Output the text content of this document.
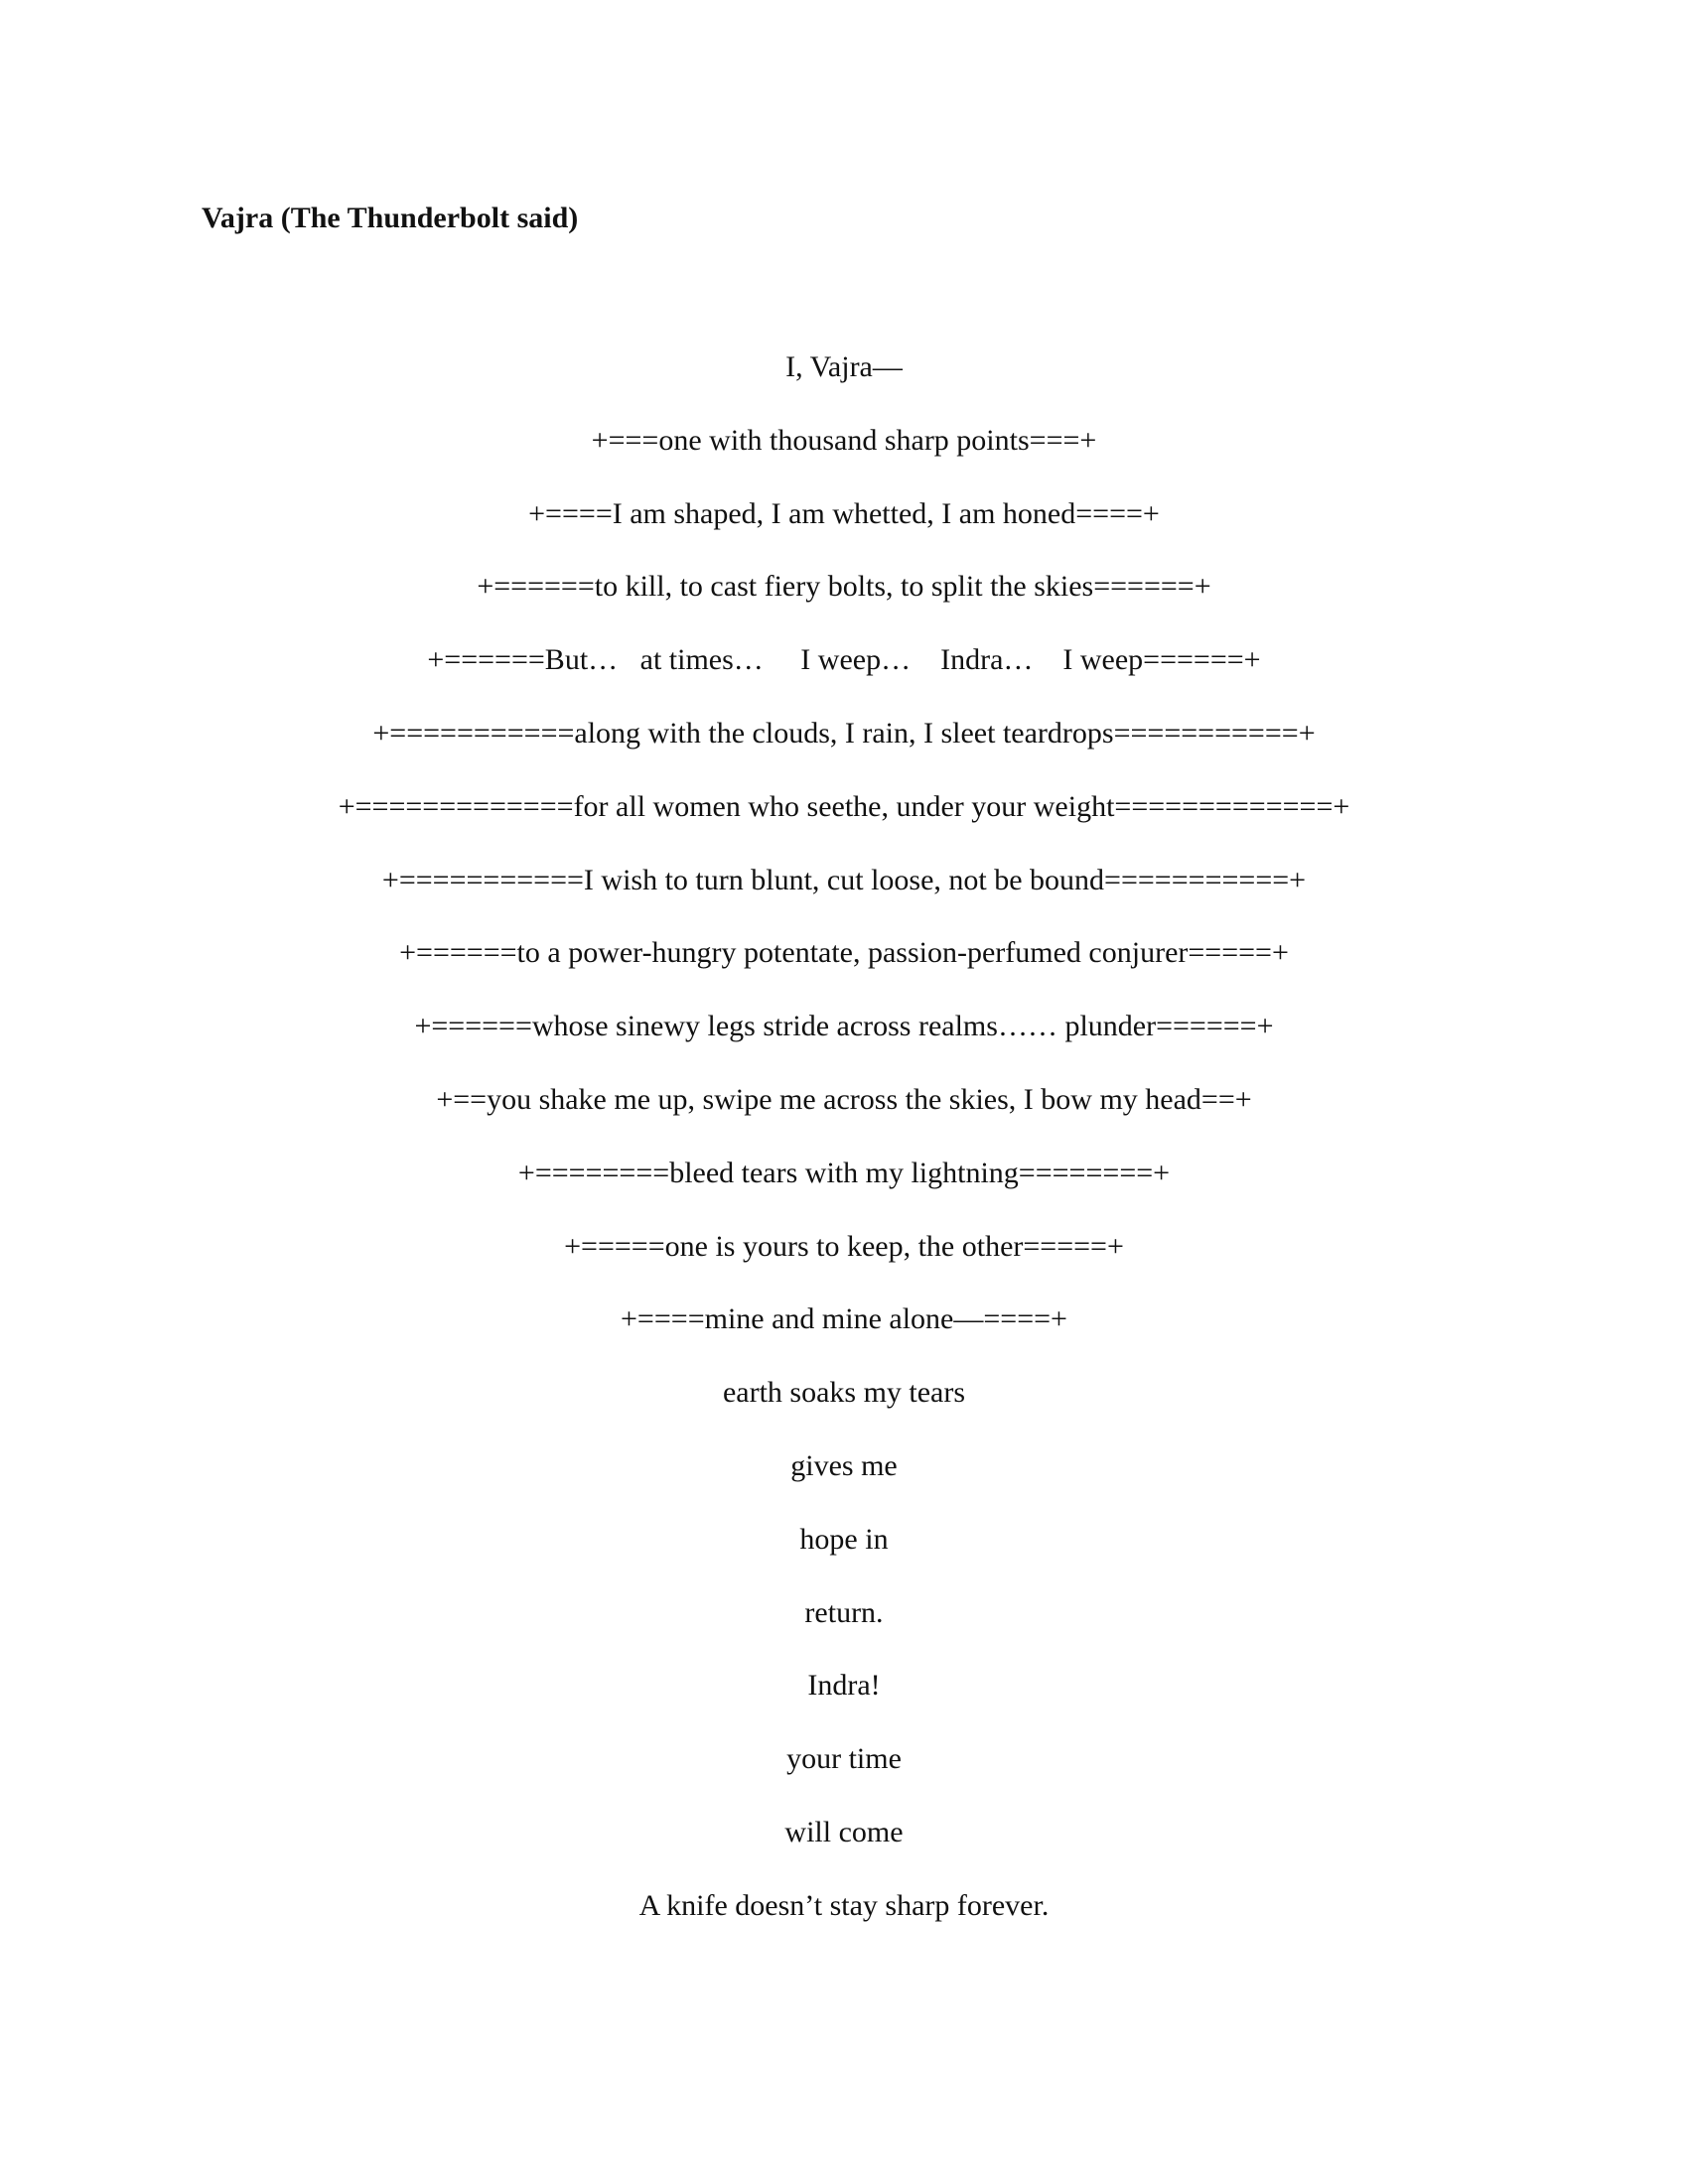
Vajra (The Thunderbolt said)
I, Vajra—
+===one with thousand sharp points===+
+====I am shaped, I am whetted, I am honed====+
+======to kill, to cast fiery bolts, to split the skies======+
+======But…   at times…     I weep…    Indra…    I weep======+
+===========along with the clouds, I rain, I sleet teardrops===========+
+=============for all women who seethe, under your weight=============+
+===========I wish to turn blunt, cut loose, not be bound===========+
+======to a power-hungry potentate, passion-perfumed conjurer=====+
+======whose sinewy legs stride across realms…… plunder======+
+==you shake me up, swipe me across the skies, I bow my head==+
+========bleed tears with my lightning========+
+=====one is yours to keep, the other=====+
+====mine and mine alone—====+
earth soaks my tears
gives me
hope in
return.
Indra!
your time
will come
A knife doesn’t stay sharp forever.
